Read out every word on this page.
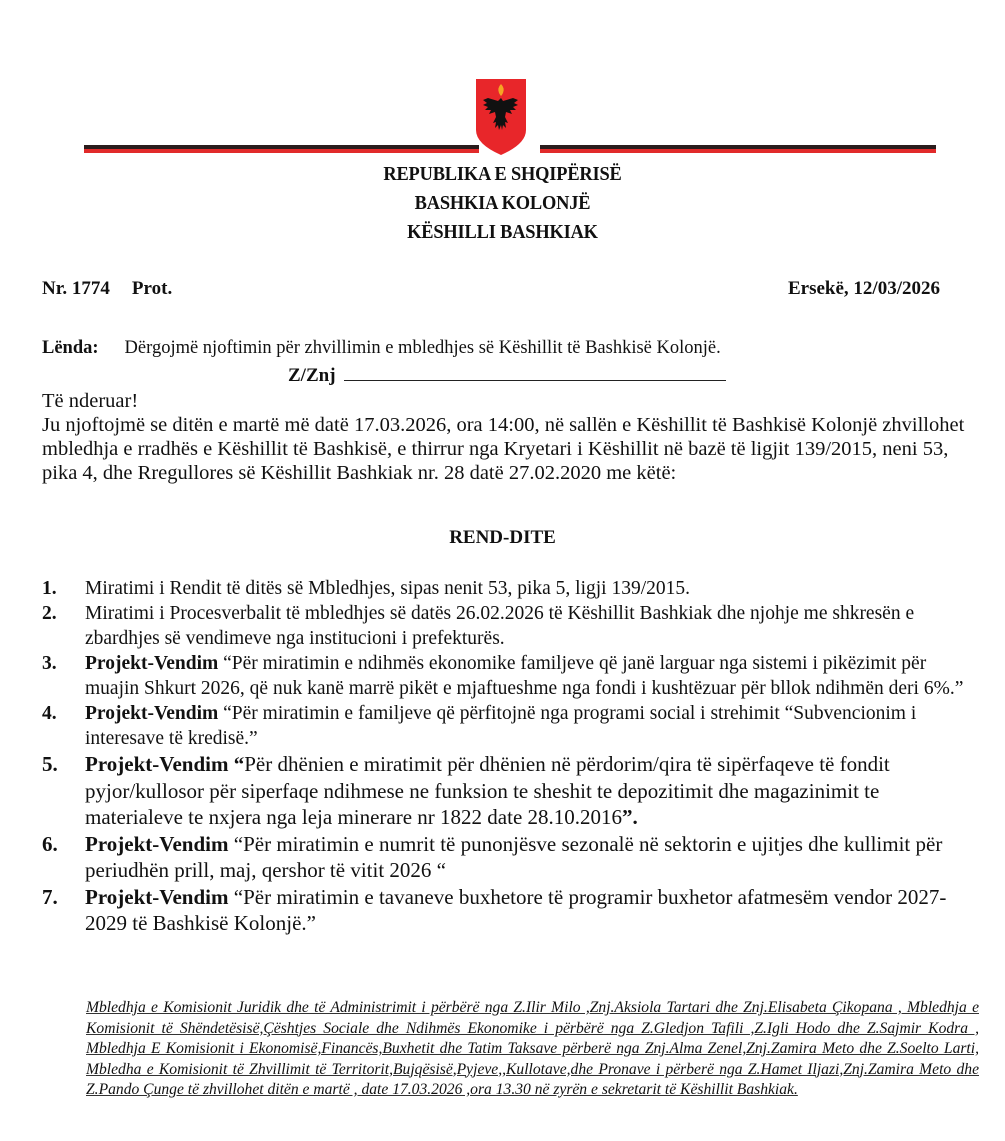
REPUBLIKA E SHQIPËRISË
BASHKIA KOLONJË
KËSHILLI BASHKIAK
Nr. 1774 Prot.	Ersekë, 12/03/2026
Lënda: Dërgojmë njoftimin për zhvillimin e mbledhjes së Këshillit të Bashkisë Kolonjë.
Z/Znj

Të nderuar!

Ju njoftojmë se ditën e martë më datë 17.03.2026, ora 14:00, në sallën e Këshillit të Bashkisë Kolonjë zhvillohet mbledhja e rradhës e Këshillit të Bashkisë, e thirrur nga Kryetari i Këshillit në bazë të ligjit 139/2015, neni 53, pika 4, dhe Rregullores së Këshillit Bashkiak nr. 28 datë 27.02.2020 me këtë:

REND-DITE
1. Miratimi i Rendit të ditës së Mbledhjes, sipas nenit 53, pika 5, ligji 139/2015.
2. Miratimi i Procesverbalit të mbledhjes së datës 26.02.2026 të Këshillit Bashkiak dhe njohje me shkresën e zbardhjes së vendimeve nga institucioni i prefekturës.
3. Projekt-Vendim “Për miratimin e ndihmës ekonomike familjeve që janë larguar nga sistemi i pikëzimit për muajin Shkurt 2026, që nuk kanë marrë pikët e mjaftueshme nga fondi i kushtëzuar për bllok ndihmën deri 6%.”
4. Projekt-Vendim “Për miratimin e familjeve që përfitojnë nga programi social i strehimit “Subvencionim i interesave të kredisë.”
5. Projekt-Vendim “Për dhënien e miratimit për dhënien në përdorim/qira të sipërfaqeve të fondit pyjor/kullosor për siperfaqe ndihmese ne funksion te sheshit te depozitimit dhe magazinimit te materialeve te nxjera nga leja minerare nr 1822 date 28.10.2016”.
6. Projekt-Vendim “Për miratimin e numrit të punonjësve sezonalë në sektorin e ujitjes dhe kullimit për periudhën prill, maj, qershor të vitit 2026 “
7. Projekt-Vendim “Për miratimin e tavaneve buxhetore të programir buxhetor afatmesëm vendor 2027-2029 të Bashkisë Kolonjë.”
Mbledhja e Komisionit Juridik dhe të Administrimit i përbërë nga Z.Ilir Milo ,Znj.Aksiola Tartari dhe Znj.Elisabeta Çikopana , Mbledhja e Komisionit të Shëndetësisë,Çështjes Sociale dhe Ndihmës Ekonomike i përbërë nga Z.Gledjon Tafili ,Z.Igli Hodo dhe Z.Sajmir Kodra , Mbledhja E Komisionit i Ekonomisë,Financës,Buxhetit dhe Tatim Taksave përberë nga Znj.Alma Zenel,Znj.Zamira Meto dhe Z.Soelto Larti, Mbledha e Komisionit të Zhvillimit të Territorit,Bujqësisë,Pyjeve,,Kullotave,dhe Pronave i përberë nga Z.Hamet Iljazi,Znj.Zamira Meto dhe Z.Pando Çunge të zhvillohet ditën e martë , date 17.03.2026 ,ora 13.30 në zyrën e sekretarit të Këshillit Bashkiak.
